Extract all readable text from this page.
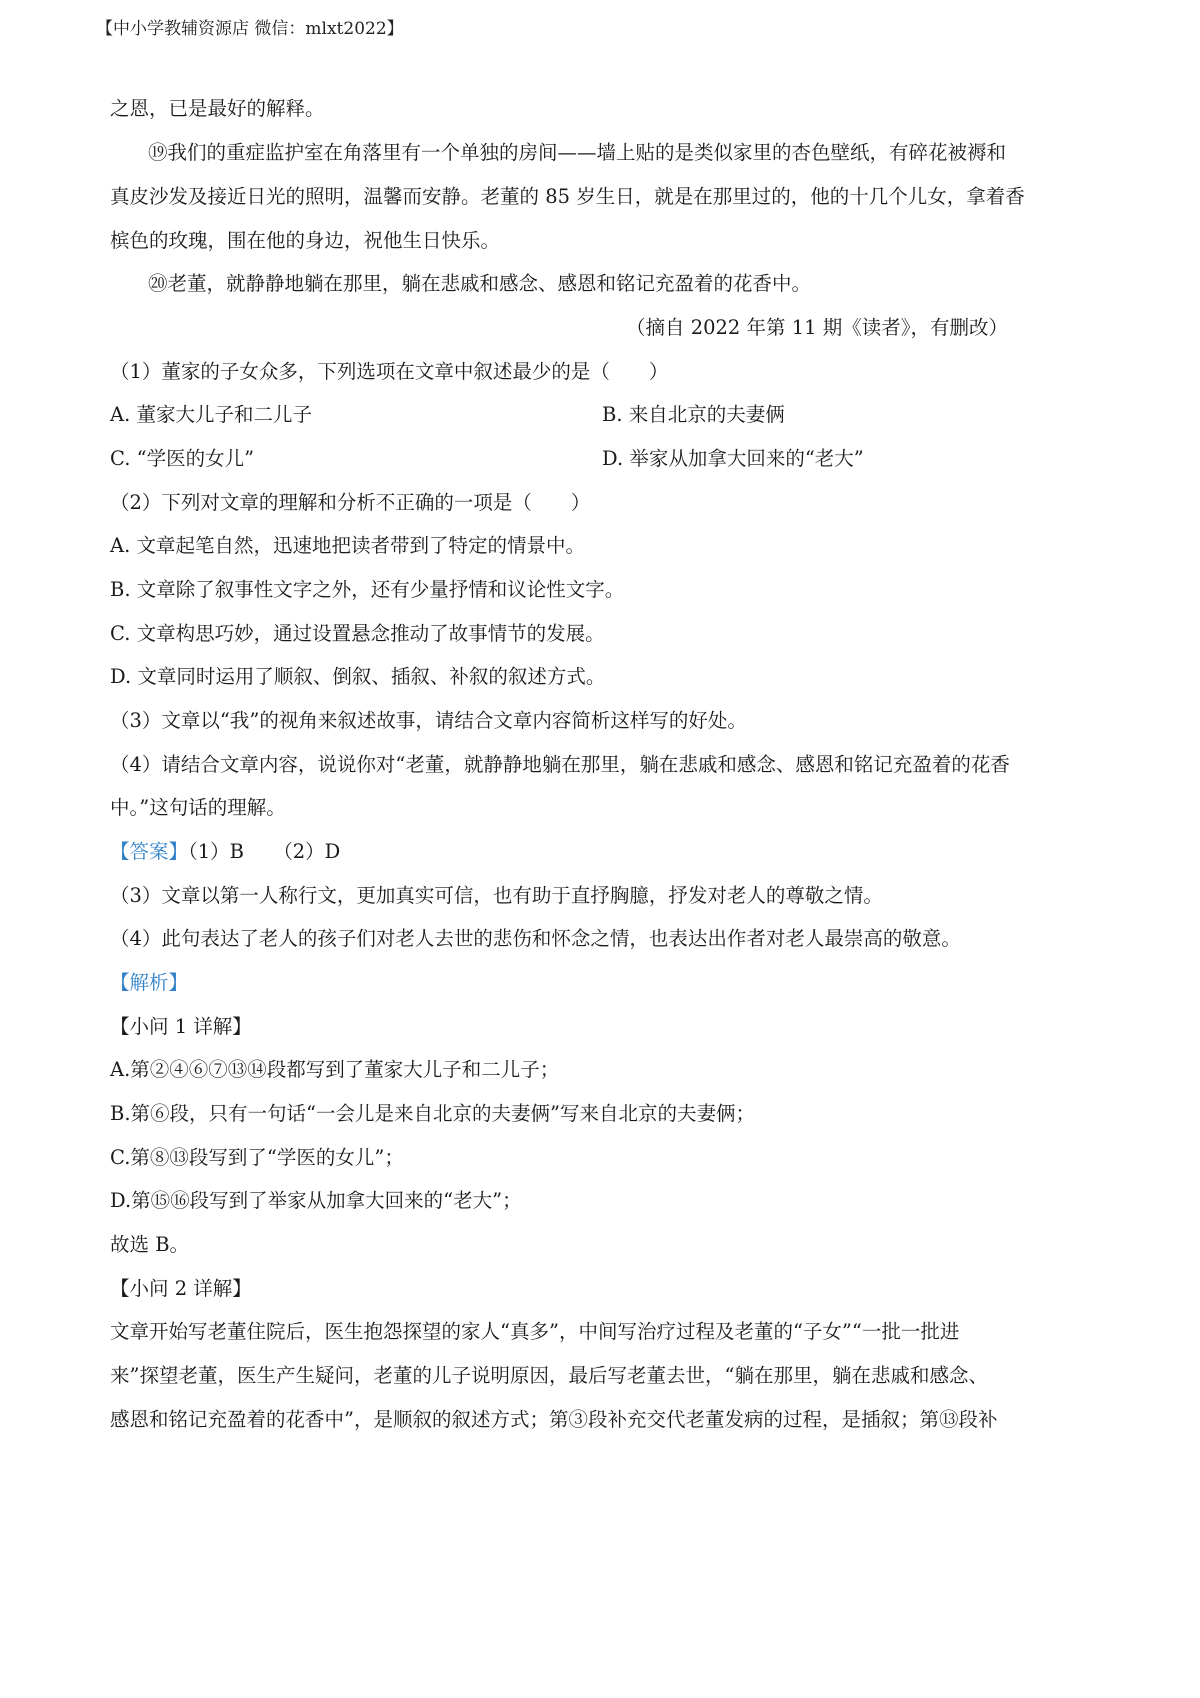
【中小学教辅资源店 微信：mlxt2022】
之恩，已是最好的解释。
⑲我们的重症监护室在角落里有一个单独的房间——墙上贴的是类似家里的杏色壁纸，有碎花被褥和
真皮沙发及接近日光的照明，温馨而安静。老董的 85 岁生日，就是在那里过的，他的十几个儿女，拿着香
槟色的玫瑰，围在他的身边，祝他生日快乐。
⑳老董，就静静地躺在那里，躺在悲戚和感念、感恩和铭记充盈着的花香中。
（摘自 2022 年第 11 期《读者》，有删改）
（1）董家的子女众多，下列选项在文章中叙述最少的是（　　）
A. 董家大儿子和二儿子	B. 来自北京的夫妻俩
C. “学医的女儿”	D. 举家从加拿大回来的“老大”
（2）下列对文章的理解和分析不正确的一项是（　　）
A. 文章起笔自然，迅速地把读者带到了特定的情景中。
B. 文章除了叙事性文字之外，还有少量抒情和议论性文字。
C. 文章构思巧妙，通过设置悬念推动了故事情节的发展。
D. 文章同时运用了顺叙、倒叙、插叙、补叙的叙述方式。
（3）文章以“我”的视角来叙述故事，请结合文章内容简析这样写的好处。
（4）请结合文章内容，说说你对“老董，就静静地躺在那里，躺在悲戚和感念、感恩和铭记充盈着的花香
中。”这句话的理解。
【答案】（1）B　　（2）D
（3）文章以第一人称行文，更加真实可信，也有助于直抒胸臆，抒发对老人的尊敬之情。
（4）此句表达了老人的孩子们对老人去世的悲伤和怀念之情，也表达出作者对老人最崇高的敬意。
【解析】
【小问 1 详解】
A.第②④⑥⑦⑬⑭段都写到了董家大儿子和二儿子；
B.第⑥段，只有一句话“一会儿是来自北京的夫妻俩”写来自北京的夫妻俩；
C.第⑧⑬段写到了“学医的女儿”；
D.第⑮⑯段写到了举家从加拿大回来的“老大”；
故选 B。
【小问 2 详解】
文章开始写老董住院后，医生抱怨探望的家人“真多”，中间写治疗过程及老董的“子女”“一批一批进
来”探望老董，医生产生疑问，老董的儿子说明原因，最后写老董去世，“躺在那里，躺在悲戚和感念、
感恩和铭记充盈着的花香中”，是顺叙的叙述方式；第③段补充交代老董发病的过程，是插叙；第⑬段补
